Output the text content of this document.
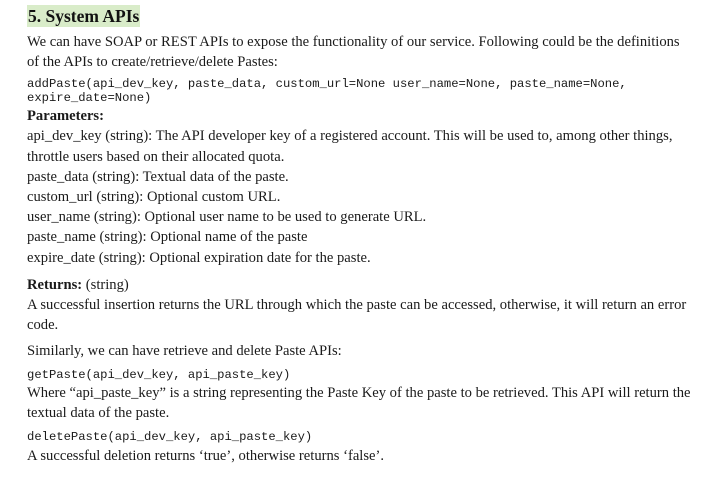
5. System APIs

We can have SOAP or REST APIs to expose the functionality of our service. Following could be the definitions of the APIs to create/retrieve/delete Pastes:

addPaste(api_dev_key, paste_data, custom_url=None user_name=None, paste_name=None,

expire_date=None)

Parameters:

api_dev_key (string): The API developer key of a registered account. This will be used to, among other things, throttle users based on their allocated quota.

paste_data (string): Textual data of the paste.

custom_url (string): Optional custom URL.

user_name (string): Optional user name to be used to generate URL.

paste_name (string): Optional name of the paste

expire_date (string): Optional expiration date for the paste.

Returns: (string)

A successful insertion returns the URL through which the paste can be accessed, otherwise, it will return an error code.

Similarly, we can have retrieve and delete Paste APIs:

getPaste(api_dev_key, api_paste_key)

Where “api_paste_key” is a string representing the Paste Key of the paste to be retrieved. This API will return the textual data of the paste.

deletePaste(api_dev_key, api_paste_key)

A successful deletion returns ‘true’, otherwise returns ‘false’.
